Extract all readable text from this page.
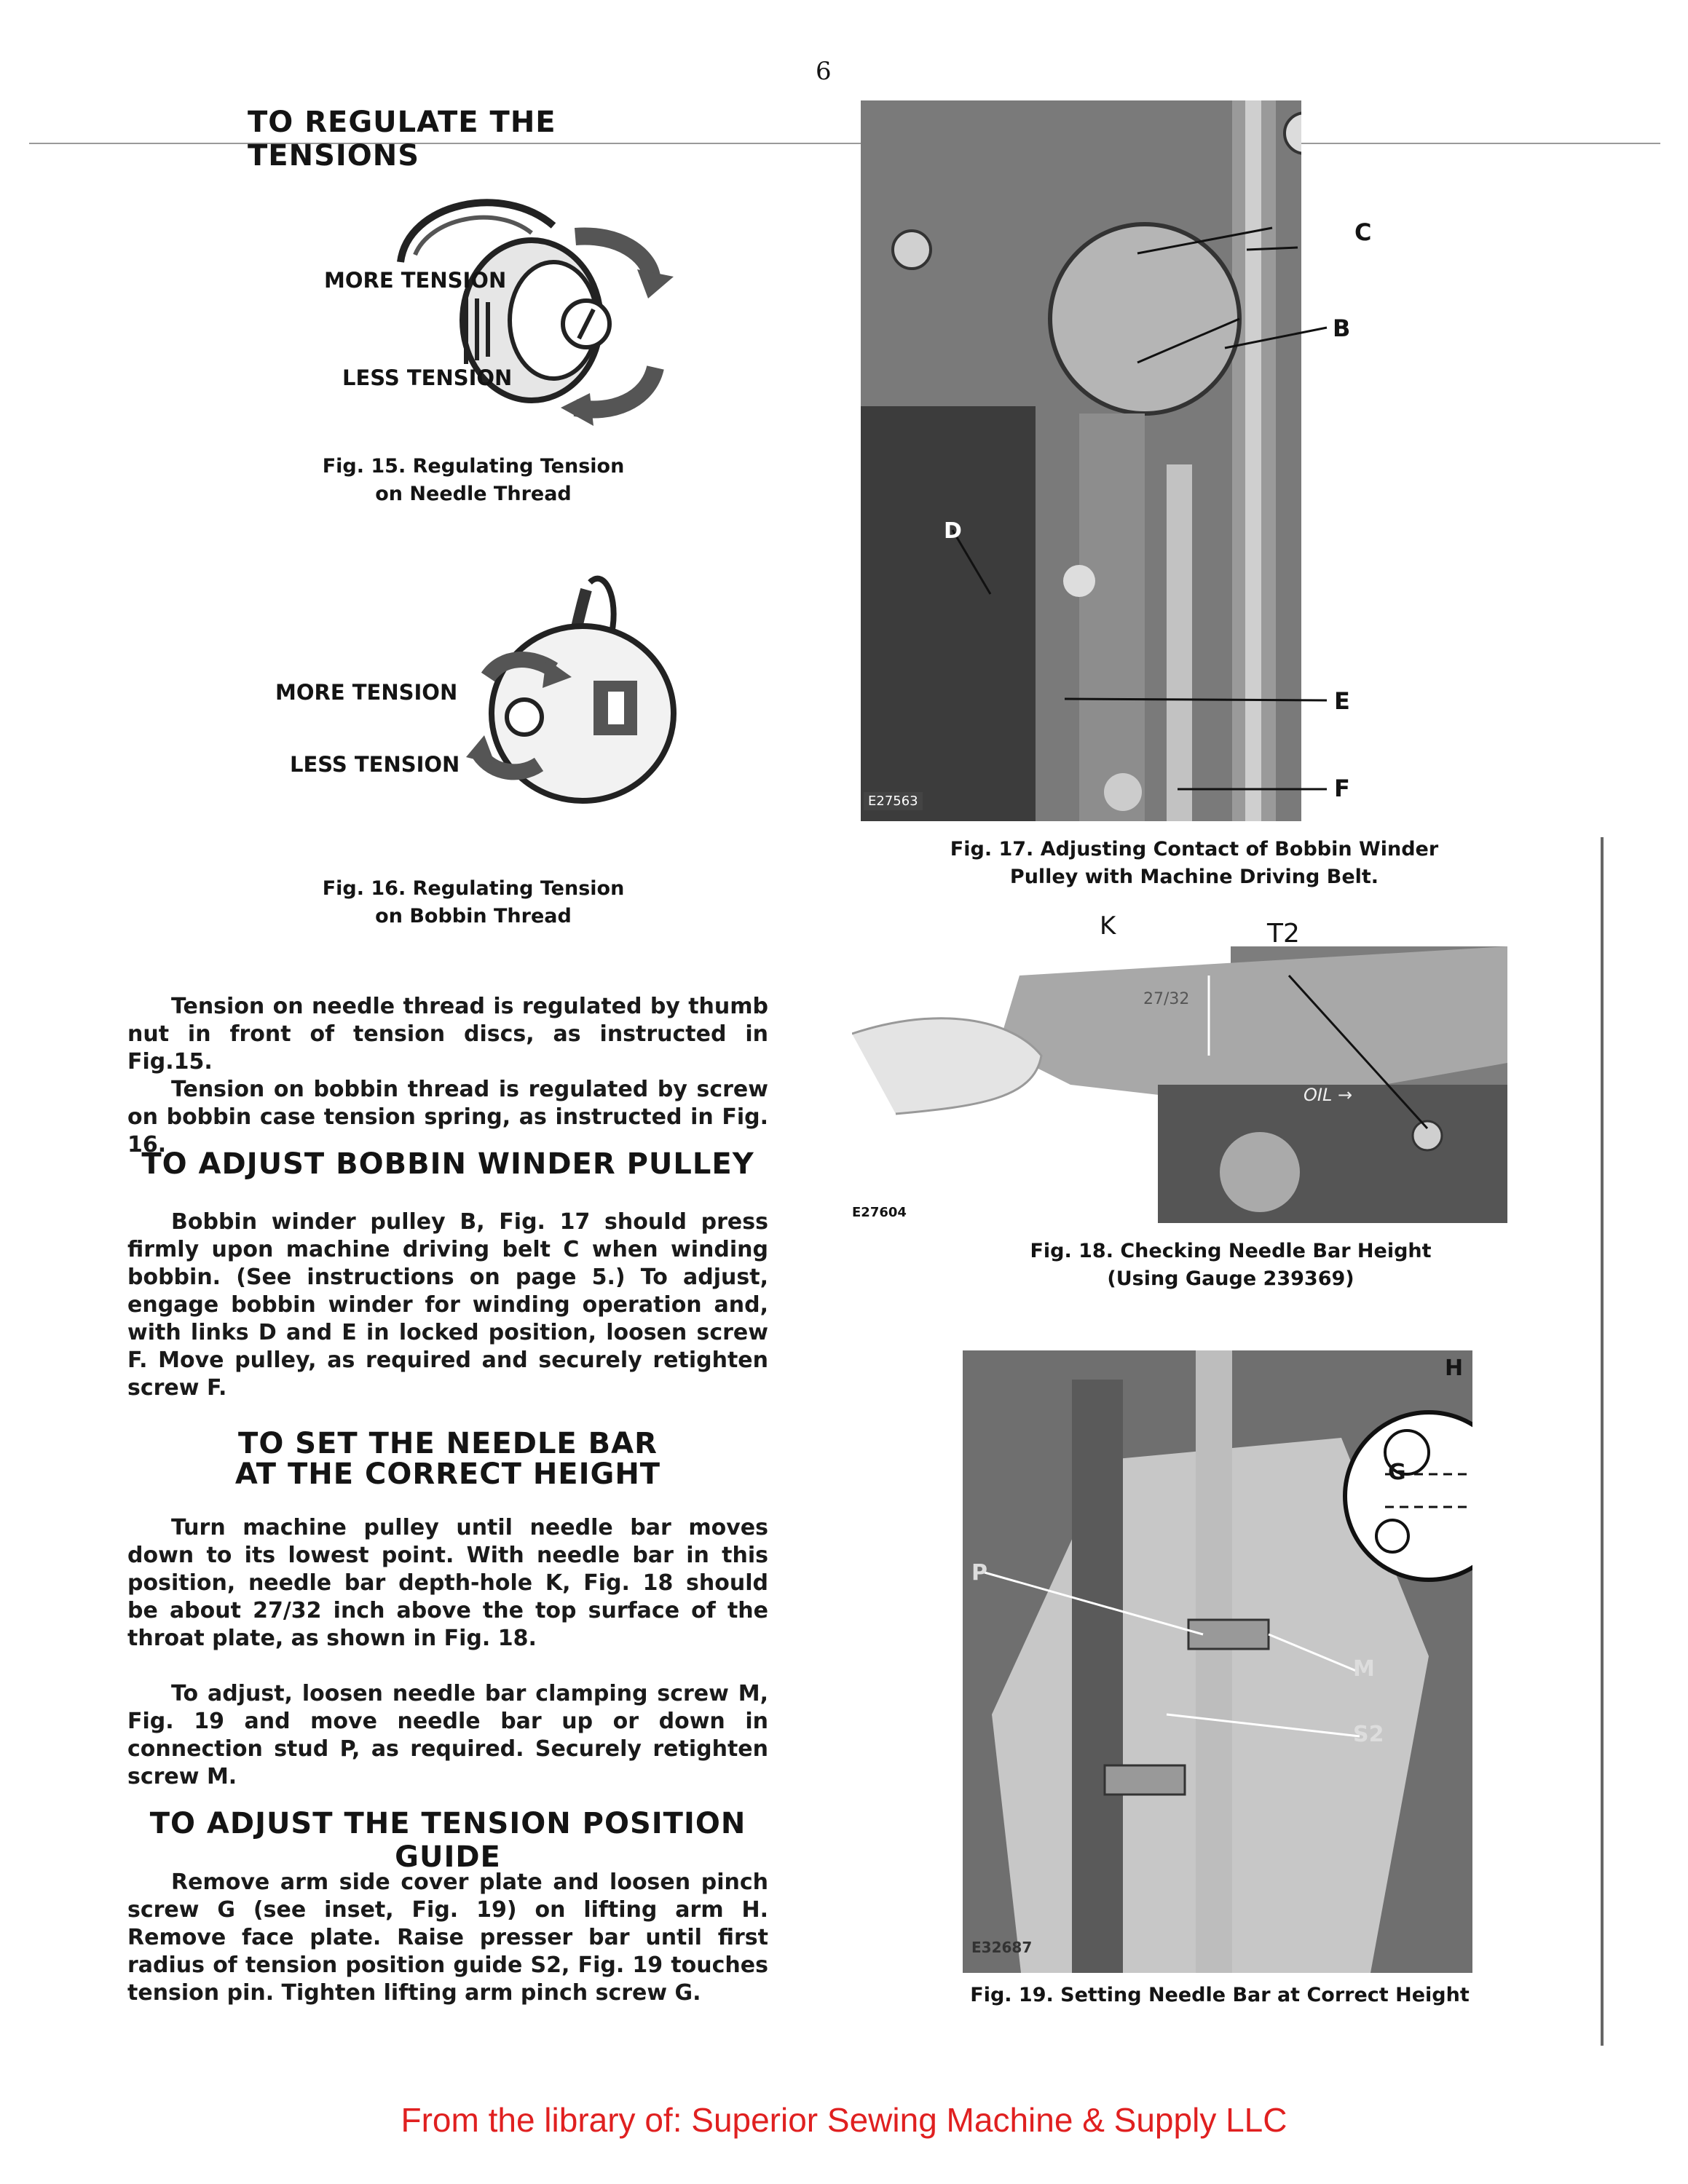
6
TO REGULATE THE TENSIONS
MORE TENSION
LESS TENSION
Fig. 15. Regulating Tension
on Needle Thread
MORE TENSION
LESS TENSION
Fig. 16. Regulating Tension
on Bobbin Thread

Tension on needle thread is regulated by thumb nut in front of tension discs, as instructed in Fig.15.

Tension on bobbin thread is regulated by screw on bobbin case tension spring, as instructed in Fig. 16.

TO ADJUST BOBBIN WINDER PULLEY

Bobbin winder pulley B, Fig. 17 should press firmly upon machine driving belt C when winding bobbin. (See instructions on page 5.) To adjust, engage bobbin winder for winding operation and, with links D and E in locked position, loosen screw F. Move pulley, as required and securely retighten screw F.

TO SET THE NEEDLE BAR
AT THE CORRECT HEIGHT

Turn machine pulley until needle bar moves down to its lowest point. With needle bar in this position, needle bar depth-hole K, Fig. 18 should be about 27/32 inch above the top surface of the throat plate, as shown in Fig. 18.

To adjust, loosen needle bar clamping screw M, Fig. 19 and move needle bar up or down in connection stud P, as required. Securely retighten screw M.

TO ADJUST THE TENSION POSITION GUIDE

Remove arm side cover plate and loosen pinch screw G (see inset, Fig. 19) on lifting arm H. Remove face plate. Raise presser bar until first radius of tension position guide S2, Fig. 19 touches tension pin. Tighten lifting arm pinch screw G.

E27563
C
B
D
E
F
Fig. 17. Adjusting Contact of Bobbin Winder
Pulley with Machine Driving Belt.
E27604
K	T2
27/32
OIL →
Fig. 18. Checking Needle Bar Height
(Using Gauge 239369)
E32687
H
G
P
M
S2
Fig. 19. Setting Needle Bar at Correct Height
From the library of: Superior Sewing Machine & Supply LLC
